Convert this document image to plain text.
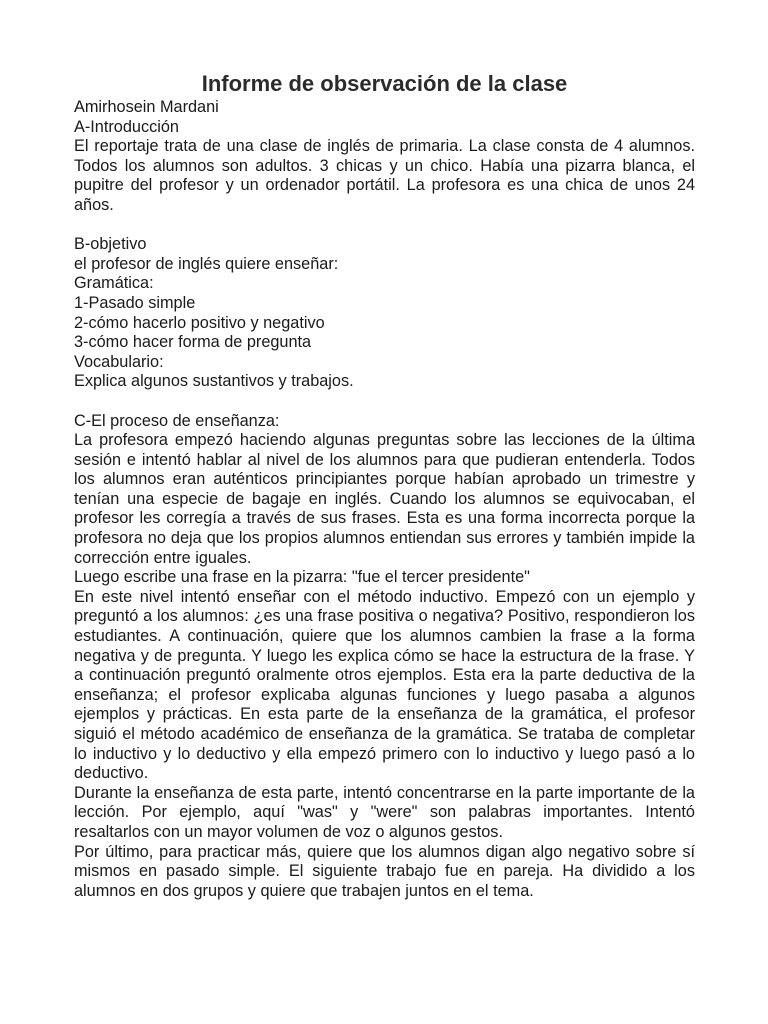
Informe de observación de la clase
Amirhosein Mardani
A-Introducción

El reportaje trata de una clase de inglés de primaria. La clase consta de 4 alumnos. Todos los alumnos son adultos. 3 chicas y un chico. Había una pizarra blanca, el pupitre del profesor y un ordenador portátil. La profesora es una chica de unos 24 años.

B-objetivo
el profesor de inglés quiere enseñar:
Gramática:
1-Pasado simple
2-cómo hacerlo positivo y negativo
3-cómo hacer forma de pregunta
Vocabulario:
Explica algunos sustantivos y trabajos.
C-El proceso de enseñanza:

La profesora empezó haciendo algunas preguntas sobre las lecciones de la última sesión e intentó hablar al nivel de los alumnos para que pudieran entenderla. Todos los alumnos eran auténticos principiantes porque habían aprobado un trimestre y tenían una especie de bagaje en inglés. Cuando los alumnos se equivocaban, el profesor les corregía a través de sus frases. Esta es una forma incorrecta porque la profesora no deja que los propios alumnos entiendan sus errores y también impide la corrección entre iguales.

Luego escribe una frase en la pizarra: "fue el tercer presidente"

En este nivel intentó enseñar con el método inductivo. Empezó con un ejemplo y preguntó a los alumnos: ¿es una frase positiva o negativa? Positivo, respondieron los estudiantes. A continuación, quiere que los alumnos cambien la frase a la forma negativa y de pregunta. Y luego les explica cómo se hace la estructura de la frase. Y a continuación preguntó oralmente otros ejemplos. Esta era la parte deductiva de la enseñanza; el profesor explicaba algunas funciones y luego pasaba a algunos ejemplos y prácticas. En esta parte de la enseñanza de la gramática, el profesor siguió el método académico de enseñanza de la gramática. Se trataba de completar lo inductivo y lo deductivo y ella empezó primero con lo inductivo y luego pasó a lo deductivo.

Durante la enseñanza de esta parte, intentó concentrarse en la parte importante de la lección. Por ejemplo, aquí "was" y "were" son palabras importantes. Intentó resaltarlos con un mayor volumen de voz o algunos gestos.

Por último, para practicar más, quiere que los alumnos digan algo negativo sobre sí mismos en pasado simple. El siguiente trabajo fue en pareja. Ha dividido a los alumnos en dos grupos y quiere que trabajen juntos en el tema.
